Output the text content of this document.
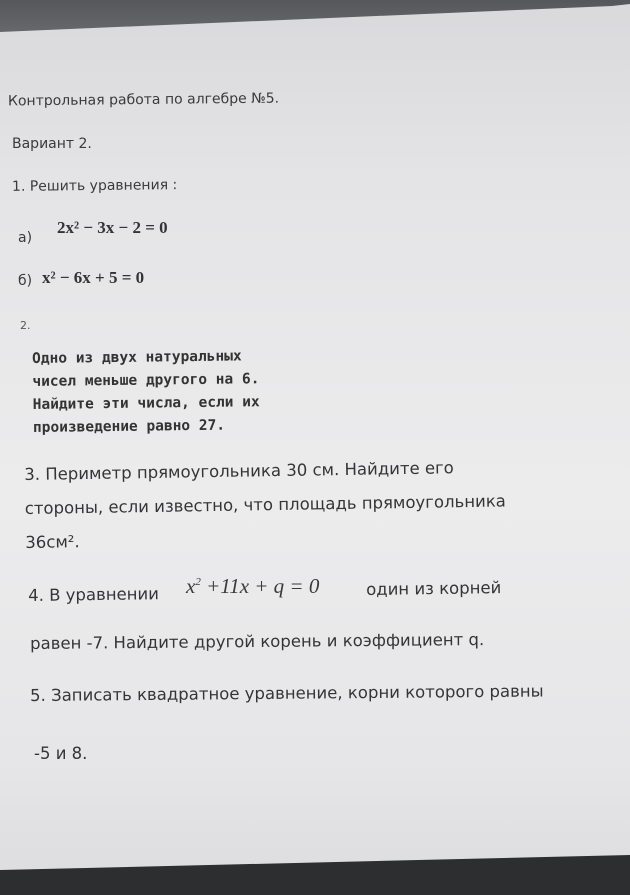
Контрольная работа по алгебре №5.

Вариант 2.

1. Решить уравнения :

а)

2x² − 3x − 2 = 0

б) x² − 6x + 5 = 0

2.

Одно из двух натуральных
чисел меньше другого на 6.
Найдите эти числа, если их
произведение равно 27.

3. Периметр прямоугольника 30 см. Найдите его
стороны, если известно, что площадь прямоугольника
36см².

4. В уравнении $x^2 +11x + q = 0$	один из корней

равен -7. Найдите другой корень и коэффициент q.

5. Записать квадратное уравнение, корни которого равны

-5 и 8.
